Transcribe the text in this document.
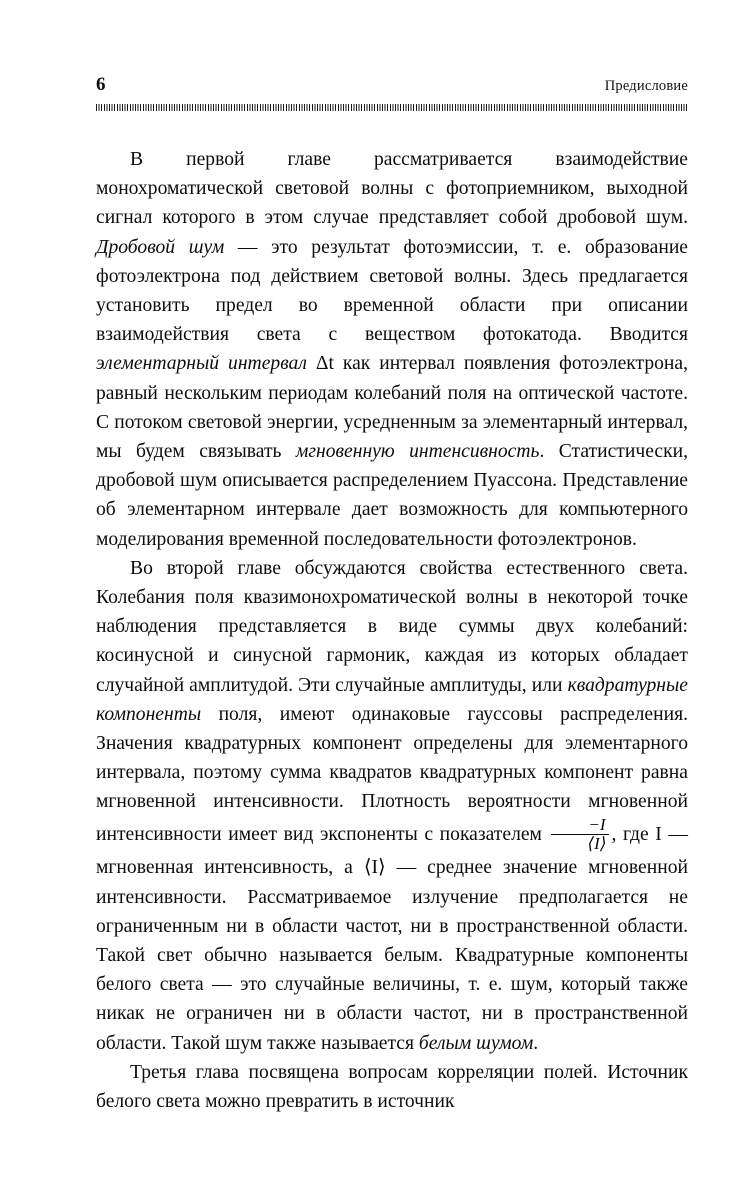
6	Предисловие

В первой главе рассматривается взаимодействие монохроматической световой волны с фотоприемником, выходной сигнал которого в этом случае представляет собой дробовой шум. Дробовой шум — это результат фотоэмиссии, т. е. образование фотоэлектрона под действием световой волны. Здесь предлагается установить предел во временной области при описании взаимодействия света с веществом фотокатода. Вводится элементарный интервал Δt как интервал появления фотоэлектрона, равный нескольким периодам колебаний поля на оптической частоте. С потоком световой энергии, усредненным за элементарный интервал, мы будем связывать мгновенную интенсивность. Статистически, дробовой шум описывается распределением Пуассона. Представление об элементарном интервале дает возможность для компьютерного моделирования временной последовательности фотоэлектронов.

Во второй главе обсуждаются свойства естественного света. Колебания поля квазимонохроматической волны в некоторой точке наблюдения представляется в виде суммы двух колебаний: косинусной и синусной гармоник, каждая из которых обладает случайной амплитудой. Эти случайные амплитуды, или квадратурные компоненты поля, имеют одинаковые гауссовы распределения. Значения квадратурных компонент определены для элементарного интервала, поэтому сумма квадратов квадратурных компонент равна мгновенной интенсивности. Плотность вероятности мгновенной интенсивности имеет вид экспоненты с показателем $\frac{-I}{⟨I⟩}$ , где I — мгновенная интенсивность, а ⟨I⟩ — среднее значение мгновенной интенсивности. Рассматриваемое излучение предполагается не ограниченным ни в области частот, ни в пространственной области. Такой свет обычно называется белым. Квадратурные компоненты белого света — это случайные величины, т. е. шум, который также никак не ограничен ни в области частот, ни в пространственной области. Такой шум также называется белым шумом.

Третья глава посвящена вопросам корреляции полей. Источник белого света можно превратить в источник
